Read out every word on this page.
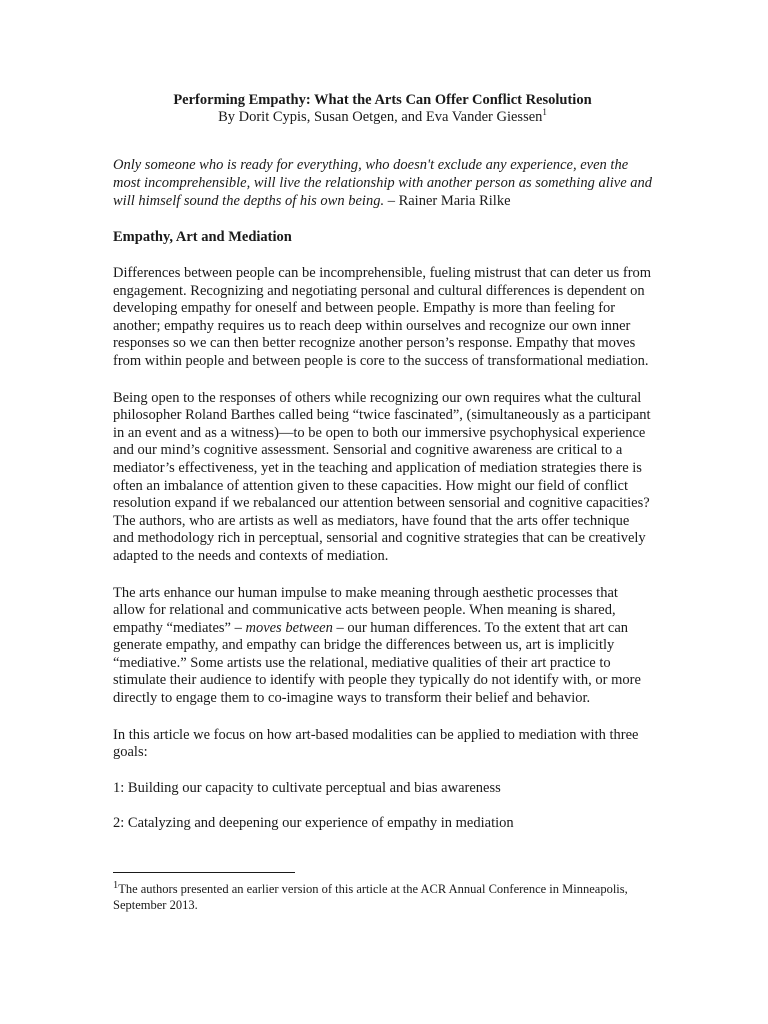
Performing Empathy: What the Arts Can Offer Conflict Resolution
By Dorit Cypis, Susan Oetgen, and Eva Vander Giessen$^1$
Only someone who is ready for everything, who doesn't exclude any experience, even the most incomprehensible, will live the relationship with another person as something alive and will himself sound the depths of his own being. – Rainer Maria Rilke
Empathy, Art and Mediation

Differences between people can be incomprehensible, fueling mistrust that can deter us from engagement. Recognizing and negotiating personal and cultural differences is dependent on developing empathy for oneself and between people. Empathy is more than feeling for another; empathy requires us to reach deep within ourselves and recognize our own inner responses so we can then better recognize another person’s response. Empathy that moves from within people and between people is core to the success of transformational mediation.

Being open to the responses of others while recognizing our own requires what the cultural philosopher Roland Barthes called being “twice fascinated”, (simultaneously as a participant in an event and as a witness)—to be open to both our immersive psychophysical experience and our mind’s cognitive assessment. Sensorial and cognitive awareness are critical to a mediator’s effectiveness, yet in the teaching and application of mediation strategies there is often an imbalance of attention given to these capacities. How might our field of conflict resolution expand if we rebalanced our attention between sensorial and cognitive capacities? The authors, who are artists as well as mediators, have found that the arts offer technique and methodology rich in perceptual, sensorial and cognitive strategies that can be creatively adapted to the needs and contexts of mediation.

The arts enhance our human impulse to make meaning through aesthetic processes that allow for relational and communicative acts between people. When meaning is shared, empathy “mediates” – moves between – our human differences. To the extent that art can generate empathy, and empathy can bridge the differences between us, art is implicitly “mediative.” Some artists use the relational, mediative qualities of their art practice to stimulate their audience to identify with people they typically do not identify with, or more directly to engage them to co-imagine ways to transform their belief and behavior.

In this article we focus on how art-based modalities can be applied to mediation with three goals:

1: Building our capacity to cultivate perceptual and bias awareness

2: Catalyzing and deepening our experience of empathy in mediation

$^1$The authors presented an earlier version of this article at the ACR Annual Conference in Minneapolis, September 2013.
